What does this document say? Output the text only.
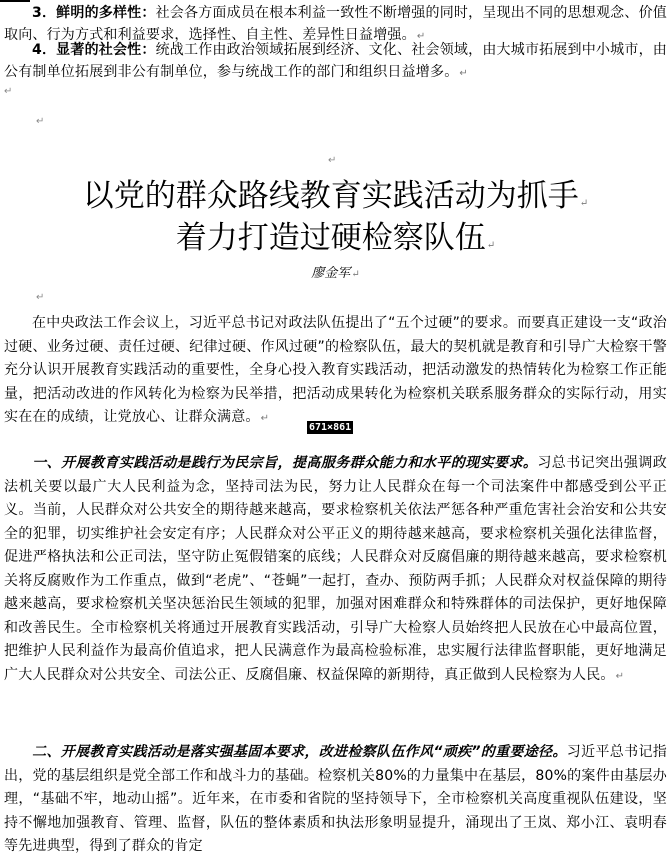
3．鲜明的多样性：社会各方面成员在根本利益一致性不断增强的同时，呈现出不同的思想观念、价值取向、行为方式和利益要求，选择性、自主性、差异性日益增强。↵

4．显著的社会性：统战工作由政治领域拓展到经济、文化、社会领域，由大城市拓展到中小城市，由公有制单位拓展到非公有制单位，参与统战工作的部门和组织日益增多。↵

↵
↵
↵
以党的群众路线教育实践活动为抓手↵
着力打造过硬检察队伍↵

廖金军↵

↵

在中央政法工作会议上，习近平总书记对政法队伍提出了“五个过硬”的要求。而要真正建设一支“政治过硬、业务过硬、责任过硬、纪律过硬、作风过硬”的检察队伍，最大的契机就是教育和引导广大检察干警充分认识开展教育实践活动的重要性，全身心投入教育实践活动，把活动激发的热情转化为检察工作正能量，把活动改进的作风转化为检察为民举措，把活动成果转化为检察机关联系服务群众的实际行动，用实实在在的成绩，让党放心、让群众满意。↵

671×861

一、开展教育实践活动是践行为民宗旨，提高服务群众能力和水平的现实要求。习总书记突出强调政法机关要以最广大人民利益为念，坚持司法为民，努力让人民群众在每一个司法案件中都感受到公平正义。当前，人民群众对公共安全的期待越来越高，要求检察机关依法严惩各种严重危害社会治安和公共安全的犯罪，切实维护社会安定有序；人民群众对公平正义的期待越来越高，要求检察机关强化法律监督，促进严格执法和公正司法，坚守防止冤假错案的底线；人民群众对反腐倡廉的期待越来越高，要求检察机关将反腐败作为工作重点，做到“老虎”、“苍蝇”一起打，查办、预防两手抓；人民群众对权益保障的期待越来越高，要求检察机关坚决惩治民生领域的犯罪，加强对困难群众和特殊群体的司法保护，更好地保障和改善民生。全市检察机关将通过开展教育实践活动，引导广大检察人员始终把人民放在心中最高位置，把维护人民利益作为最高价值追求，把人民满意作为最高检验标准，忠实履行法律监督职能，更好地满足广大人民群众对公共安全、司法公正、反腐倡廉、权益保障的新期待，真正做到人民检察为人民。↵

二、开展教育实践活动是落实强基固本要求，改进检察队伍作风“顽疾”的重要途径。习近平总书记指出，党的基层组织是党全部工作和战斗力的基础。检察机关80%的力量集中在基层，80%的案件由基层办理，“基础不牢，地动山摇”。近年来，在市委和省院的坚持领导下，全市检察机关高度重视队伍建设，坚持不懈地加强教育、管理、监督，队伍的整体素质和执法形象明显提升，涌现出了王岚、郑小江、袁明春等先进典型，得到了群众的肯定
